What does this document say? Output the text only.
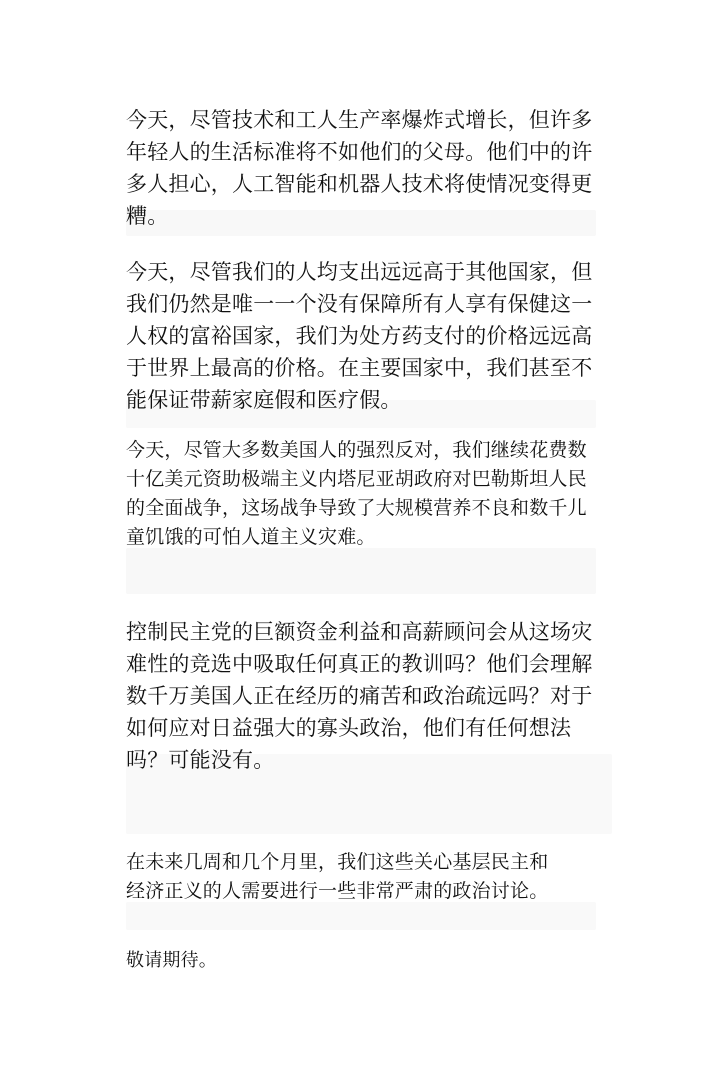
今天，尽管技术和工人生产率爆炸式增长，但许多年轻人的生活标准将不如他们的父母。他们中的许多人担心，人工智能和机器人技术将使情况变得更糟。

今天，尽管我们的人均支出远远高于其他国家，但我们仍然是唯一一个没有保障所有人享有保健这一人权的富裕国家，我们为处方药支付的价格远远高于世界上最高的价格。在主要国家中，我们甚至不能保证带薪家庭假和医疗假。

今天，尽管大多数美国人的强烈反对，我们继续花费数十亿美元资助极端主义内塔尼亚胡政府对巴勒斯坦人民的全面战争，这场战争导致了大规模营养不良和数千儿童饥饿的可怕人道主义灾难。

控制民主党的巨额资金利益和高薪顾问会从这场灾难性的竞选中吸取任何真正的教训吗？他们会理解数千万美国人正在经历的痛苦和政治疏远吗？对于如何应对日益强大的寡头政治，他们有任何想法吗？可能没有。

在未来几周和几个月里，我们这些关心基层民主和经济正义的人需要进行一些非常严肃的政治讨论。

敬请期待。
